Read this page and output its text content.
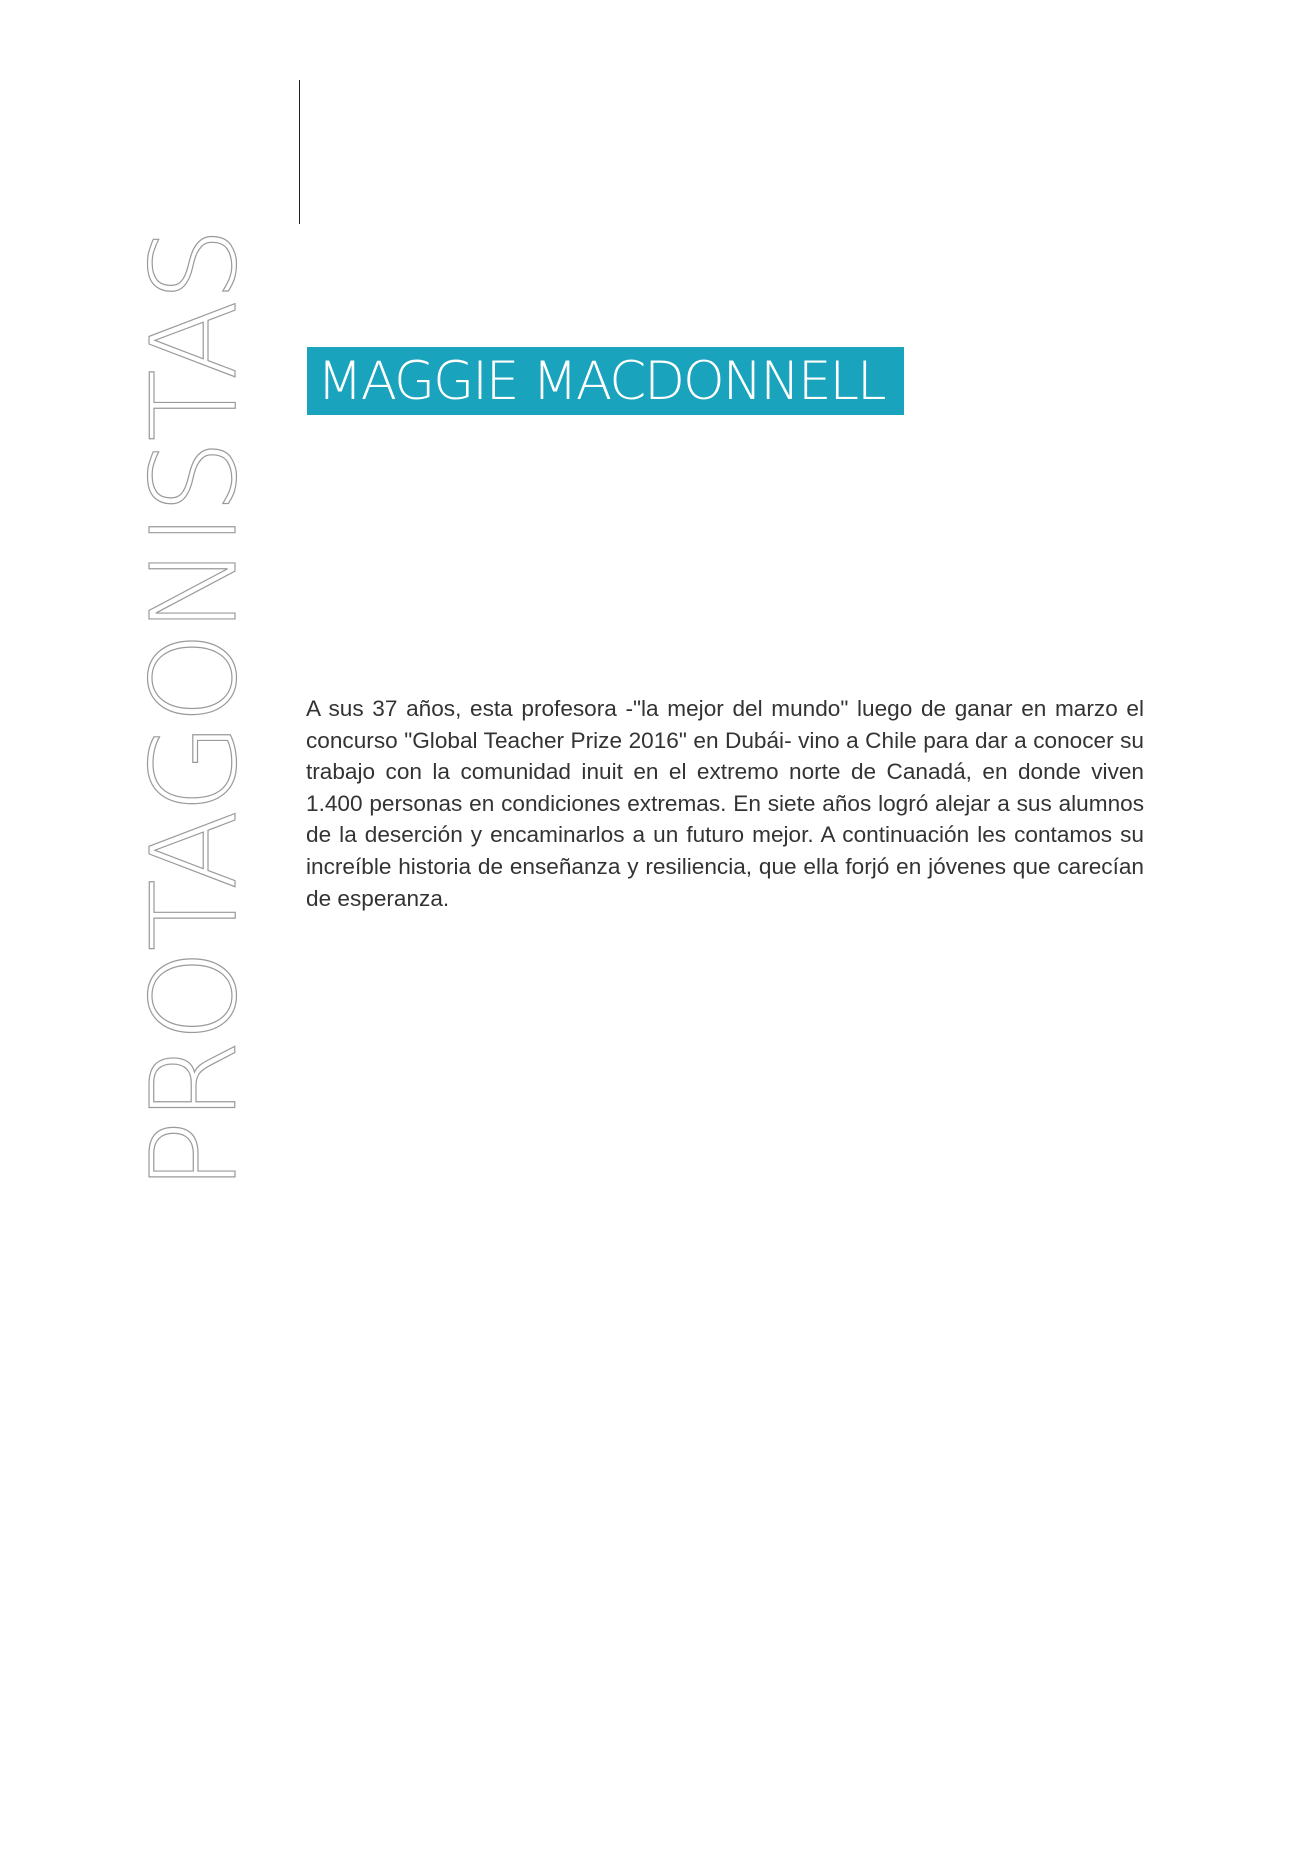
PROTAGONISTAS MAGGIE MACDONNELL

A sus 37 años, esta profesora -"la mejor del mundo" luego de ganar en marzo el concurso "Global Teacher Prize 2016" en Dubái- vino a Chile para dar a conocer su trabajo con la comunidad inuit en el extremo norte de Canadá, en donde viven 1.400 personas en condiciones extremas. En siete años logró alejar a sus alumnos de la deserción y encaminarlos a un futuro mejor. A continuación les contamos su increíble historia de enseñanza y resiliencia, que ella forjó en jóvenes que carecían de esperanza.
